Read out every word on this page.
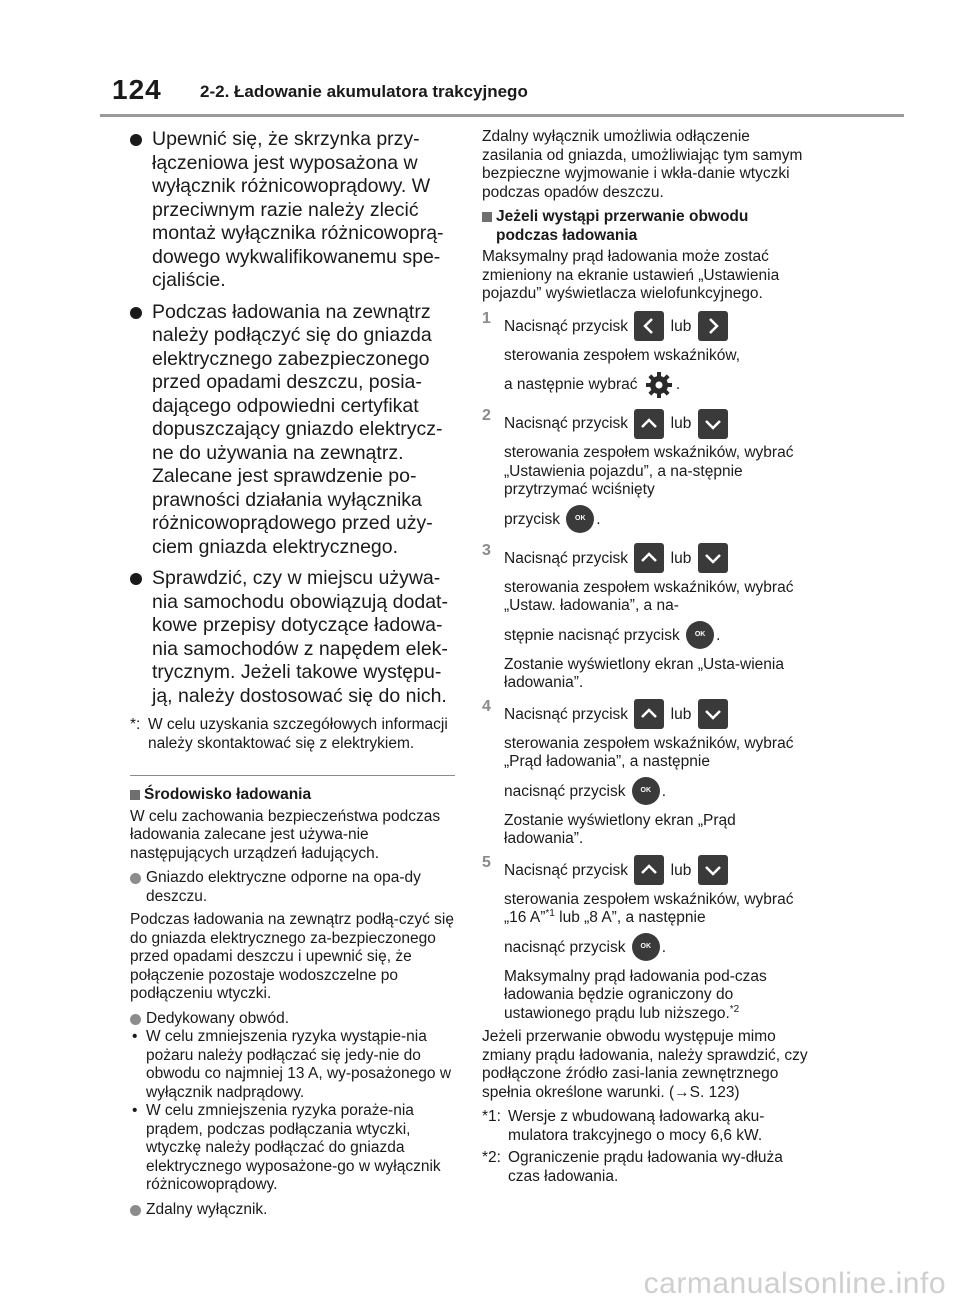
124 2-2. Ładowanie akumulatora trakcyjnego
Upewnić się, że skrzynka przy-łączeniowa jest wyposażona w wyłącznik różnicowoprądowy. W przeciwnym razie należy zlecić montaż wyłącznika różnicowoprą-dowego wykwalifikowanemu spe-cjaliście.
Podczas ładowania na zewnątrz należy podłączyć się do gniazda elektrycznego zabezpieczonego przed opadami deszczu, posia-dającego odpowiedni certyfikat dopuszczający gniazdo elektrycz-ne do używania na zewnątrz. Zalecane jest sprawdzenie po-prawności działania wyłącznika różnicowoprądowego przed uży-ciem gniazda elektrycznego.
Sprawdzić, czy w miejscu używa-nia samochodu obowiązują dodat-kowe przepisy dotyczące ładowa-nia samochodów z napędem elek-trycznym. Jeżeli takowe występu-ją, należy dostosować się do nich.
*: W celu uzyskania szczegółowych informacji należy skontaktować się z elektrykiem.
Środowisko ładowania
W celu zachowania bezpieczeństwa podczas ładowania zalecane jest używa-nie następujących urządzeń ładujących.
Gniazdo elektryczne odporne na opa-dy deszczu.
Podczas ładowania na zewnątrz podłą-czyć się do gniazda elektrycznego za-bezpieczonego przed opadami deszczu i upewnić się, że połączenie pozostaje wodoszczelne po podłączeniu wtyczki.
Dedykowany obwód.
• W celu zmniejszenia ryzyka wystąpie-nia pożaru należy podłączać się jedy-nie do obwodu co najmniej 13 A, wy-posażonego w wyłącznik nadprądowy.
• W celu zmniejszenia ryzyka poraże-nia prądem, podczas podłączania wtyczki, wtyczkę należy podłączać do gniazda elektrycznego wyposażone-go w wyłącznik różnicowoprądowy.
Zdalny wyłącznik.
Zdalny wyłącznik umożliwia odłączenie zasilania od gniazda, umożliwiając tym samym bezpieczne wyjmowanie i wkła-danie wtyczki podczas opadów deszczu.
Jeżeli wystąpi przerwanie obwodu podczas ładowania
Maksymalny prąd ładowania może zostać zmieniony na ekranie ustawień „Ustawienia pojazdu” wyświetlacza wielofunkcyjnego.
1 Nacisnąć przycisk	lub
sterowania zespołem wskaźników,
a następnie wybrać .
2 Nacisnąć przycisk	lub
sterowania zespołem wskaźników, wybrać „Ustawienia pojazdu”, a na-stępnie przytrzymać wciśnięty
przycisk OK .
3 Nacisnąć przycisk	lub
sterowania zespołem wskaźników, wybrać „Ustaw. ładowania”, a na-
stępnie nacisnąć przycisk OK .
Zostanie wyświetlony ekran „Usta-wienia ładowania”.
4 Nacisnąć przycisk	lub
sterowania zespołem wskaźników, wybrać „Prąd ładowania”, a następnie
nacisnąć przycisk OK .
Zostanie wyświetlony ekran „Prąd ładowania”.
5 Nacisnąć przycisk	lub
sterowania zespołem wskaźników, wybrać „16 A”$^{*1}$ lub „8 A”, a następnie
nacisnąć przycisk OK .
Maksymalny prąd ładowania pod-czas ładowania będzie ograniczony do ustawionego prądu lub niższego.$^{*2}$
Jeżeli przerwanie obwodu występuje mimo zmiany prądu ładowania, należy sprawdzić, czy podłączone źródło zasi-lania zewnętrznego spełnia określone warunki. (→S. 123)
*1: Wersje z wbudowaną ładowarką aku-mulatora trakcyjnego o mocy 6,6 kW.
*2: Ograniczenie prądu ładowania wy-dłuża czas ładowania.
carmanualsonline.info
